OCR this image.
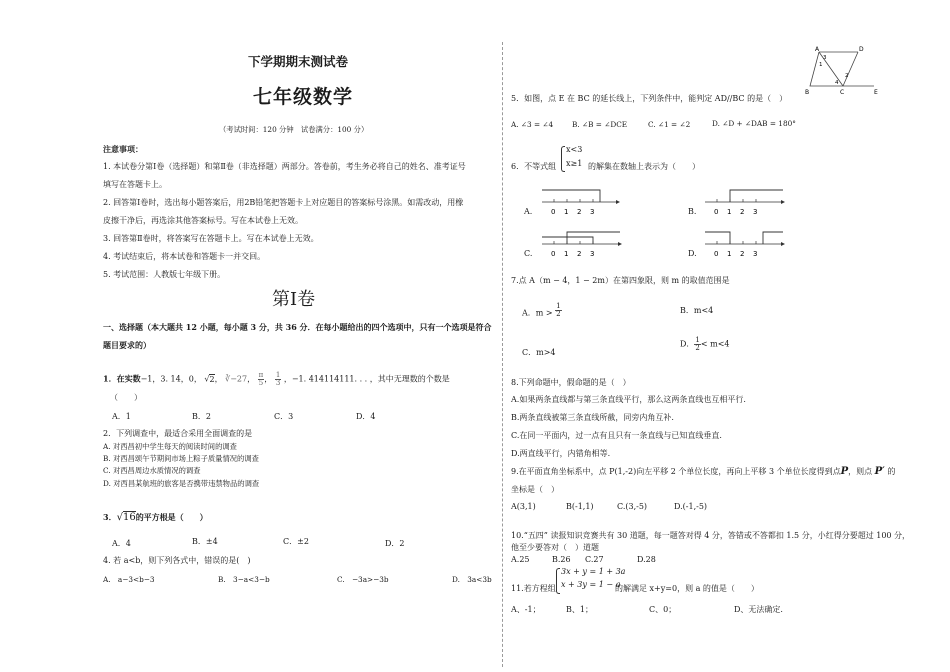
下学期期末测试卷
七年级数学
（考试时间：120 分钟　试卷满分：100 分）
注意事项：
1. 本试卷分第Ⅰ卷（选择题）和第Ⅱ卷（非选择题）两部分。答卷前，考生务必将自己的姓名、准考证号
填写在答题卡上。
2. 回答第Ⅰ卷时，选出每小题答案后，用2B铅笔把答题卡上对应题目的答案标号涂黑。如需改动，用橡
皮擦干净后，再选涂其他答案标号。写在本试卷上无效。
3. 回答第Ⅱ卷时，将答案写在答题卡上。写在本试卷上无效。
4. 考试结束后，将本试卷和答题卡一并交回。
5. 考试范围：人教版七年级下册。
第Ⅰ卷
一、选择题（本大题共 12 小题，每小题 3 分，共 36 分．在每小题给出的四个选项中，只有一个选项是符合
题目要求的）
1．在实数−1，3. 14，0， √2， ∛−27， $\frac{\pi}{5}$ ， $\frac{1}{3}$ ，−1. 414114111. . . ，其中无理数的个数是
（　　）
A．1	B．2	C．3	D．4
2．下列调查中，最适合采用全面调查的是
A. 对西昌初中学生每天的阅读时间的调查
B. 对西昌颂午节期间市场上粽子质量情况的调查
C. 对西昌周边水质情况的调查
D. 对西昌某航班的旅客是否携带违禁物品的调查
3．√16的平方根是（　　）
A．4	B．±4	C．±2	D．2
4. 若 a<b，则下列各式中，错误的是(　)
A.　a−3<b−3	B.　3−a<3−b	C.　−3a>−3b	D.　3a<3b
A	D
B	C	E
1
2
3
4
5．如图，点 E 在 BC 的延长线上，下列条件中，能判定 AD//BC 的是（　）
A. ∠3 = ∠4	B. ∠B = ∠DCE	C. ∠1 = ∠2	D. ∠D + ∠DAB = 180°
6．不等式组
x<3
x≥1 的解集在数轴上表示为（　　）
A.	0 1 2 3	B.	0 1 2 3
C.	0 1 2 3	D. 0 1 2 3
7.点 A（m − 4，1 − 2m）在第四象限，则 m 的取值范围是
A．$m > \frac{1}{2}$	B．m<4
C．m>4
D． $\frac{1}{2} < m<4$
8.下列命题中，假命题的是（　）
A.如果两条直线都与第三条直线平行，那么这两条直线也互相平行.
B.两条直线被第三条直线所截，同旁内角互补.
C.在同一平面内，过一点有且只有一条直线与已知直线垂直.
D.两直线平行，内错角相等.
9.在平面直角坐标系中，点 P(1,-2)向左平移 2 个单位长度，再向上平移 3 个单位长度得到点P，则点 P′ 的
坐标是（　）
A(3,1)	B(-1,1)	C.(3,-5)	D.(-1,-5)
10.“五四” 读报知识竞赛共有 30 道题，每一题答对得 4 分，答错或不答都扣 1.5 分，小红得分要超过 100 分，
他至少要答对（　）道题
A.25	B.26 C.27	D.28
11.若方程组
3x + y = 1 + 3a
x + 3y = 1 − a
的解满足 x+y=0，则 a 的值是（　　）
A、-1；	B、1；	C、0；	D、无法确定.
